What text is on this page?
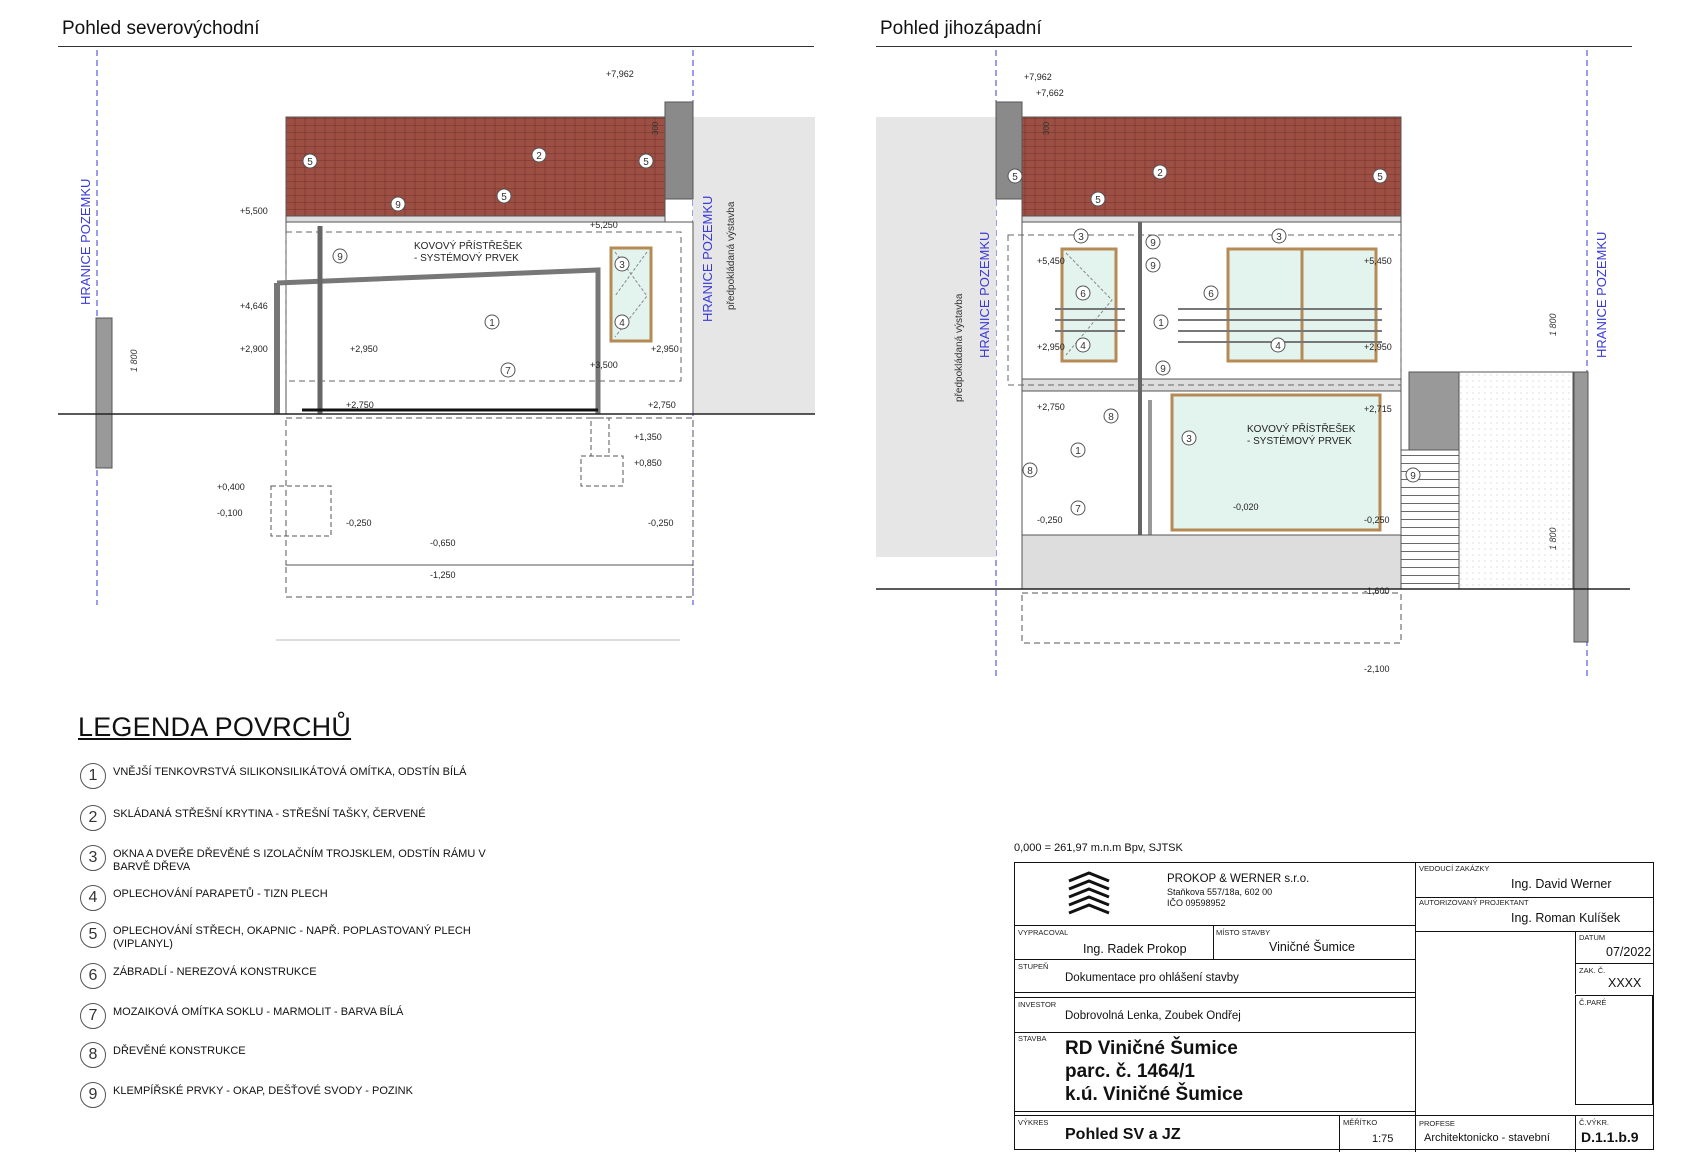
Pohled severovýchodní	Pohled jihozápadní
2
5
9
5	5
9
1
7
3
4
HRANICE POZEMKU	HRANICE POZEMKU předpokládaná výstavba
KOVOVÝ PŘÍSTŘEŠEK
- SYSTÉMOVÝ PRVEK
1 800
300
+7,962
+5,500
+5,250
+4,646
+2,900	+2,950	+2,950
+3,500
+2,750	+2,750
+1,350
+0,850
+0,400
-0,100
-0,250	-0,250
-0,650
-1,250
2	5
5
5
3	3
9
9
6	6
1
4	4
9
8
1
3
8
7
9
HRANICE POZEMKU	HRANICE POZEMKU
předpokládaná výstavba
KOVOVÝ PŘÍSTŘEŠEK
- SYSTÉMOVÝ PRVEK
1 800
1 800
300
+7,962
+7,662
+5,450	+5,450
+2,950	+2,950
+2,750	+2,715
-0,020
-0,250	-0,250
-1,600
-2,100
LEGENDA POVRCHŮ
1	VNĚJŠÍ TENKOVRSTVÁ SILIKONSILIKÁTOVÁ OMÍTKA, ODSTÍN BÍLÁ
2	SKLÁDANÁ STŘEŠNÍ KRYTINA - STŘEŠNÍ TAŠKY, ČERVENÉ
3	OKNA A DVEŘE DŘEVĚNÉ S IZOLAČNÍM TROJSKLEM, ODSTÍN RÁMU V BARVĚ DŘEVA
4	OPLECHOVÁNÍ PARAPETŮ - TIZN PLECH
5	OPLECHOVÁNÍ STŘECH, OKAPNIC - NAPŘ. POPLASTOVANÝ PLECH (VIPLANYL)
6	ZÁBRADLÍ - NEREZOVÁ KONSTRUKCE
7	MOZAIKOVÁ OMÍTKA SOKLU - MARMOLIT - BARVA BÍLÁ
8	DŘEVĚNÉ KONSTRUKCE
9	KLEMPÍŘSKÉ PRVKY - OKAP, DEŠŤOVÉ SVODY - POZINK
0,000 = 261,97 m.n.m Bpv, SJTSK
PROKOP & WERNER s.r.o.
Staňkova 557/18a, 602 00
IČO 09598952
VEDOUCÍ ZAKÁZKY
Ing. David Werner
AUTORIZOVANÝ PROJEKTANT
Ing. Roman Kulíšek
VYPRACOVAL
Ing. Radek Prokop
MÍSTO STAVBY
Viničné Šumice
STUPEŇ
Dokumentace pro ohlášení stavby
DATUM
07/2022
ZAK. Č.
XXXX
Č.PARÉ
INVESTOR
Dobrovolná Lenka, Zoubek Ondřej
STAVBA RD Viničné Šumice
parc. č. 1464/1
k.ú. Viničné Šumice
VÝKRES
Pohled SV a JZ
MĚŘÍTKO
1:75
PROFESE
Architektonicko - stavební
Č.VÝKR.
D.1.1.b.9
